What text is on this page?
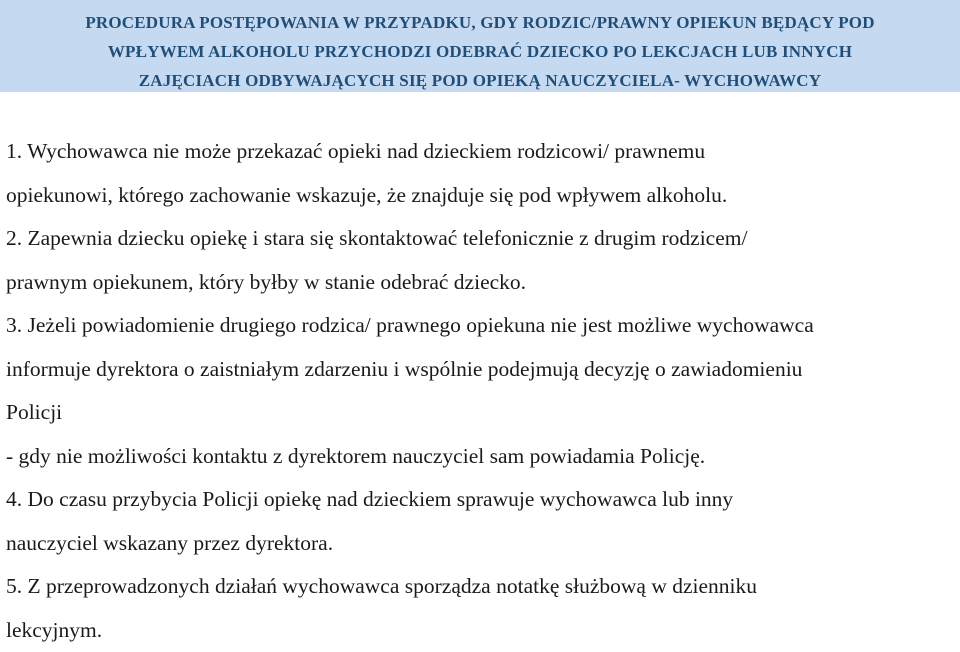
PROCEDURA POSTĘPOWANIA W PRZYPADKU, GDY RODZIC/PRAWNY OPIEKUN BĘDĄCY POD
WPŁYWEM ALKOHOLU PRZYCHODZI ODEBRAĆ DZIECKO PO LEKCJACH LUB INNYCH
ZAJĘCIACH ODBYWAJĄCYCH SIĘ POD OPIEKĄ NAUCZYCIELA- WYCHOWAWCY

1. Wychowawca nie może przekazać opieki nad dzieckiem rodzicowi/ prawnemu

opiekunowi, którego zachowanie wskazuje, że znajduje się pod wpływem alkoholu.

2. Zapewnia dziecku opiekę i stara się skontaktować telefonicznie z drugim rodzicem/

prawnym opiekunem, który byłby w stanie odebrać dziecko.

3. Jeżeli powiadomienie drugiego rodzica/ prawnego opiekuna nie jest możliwe wychowawca

informuje dyrektora o zaistniałym zdarzeniu i wspólnie podejmują decyzję o zawiadomieniu

Policji

- gdy nie możliwości kontaktu z dyrektorem nauczyciel sam powiadamia Policję.

4. Do czasu przybycia Policji opiekę nad dzieckiem sprawuje wychowawca lub inny

nauczyciel wskazany przez dyrektora.

5. Z przeprowadzonych działań wychowawca sporządza notatkę służbową w dzienniku

lekcyjnym.
